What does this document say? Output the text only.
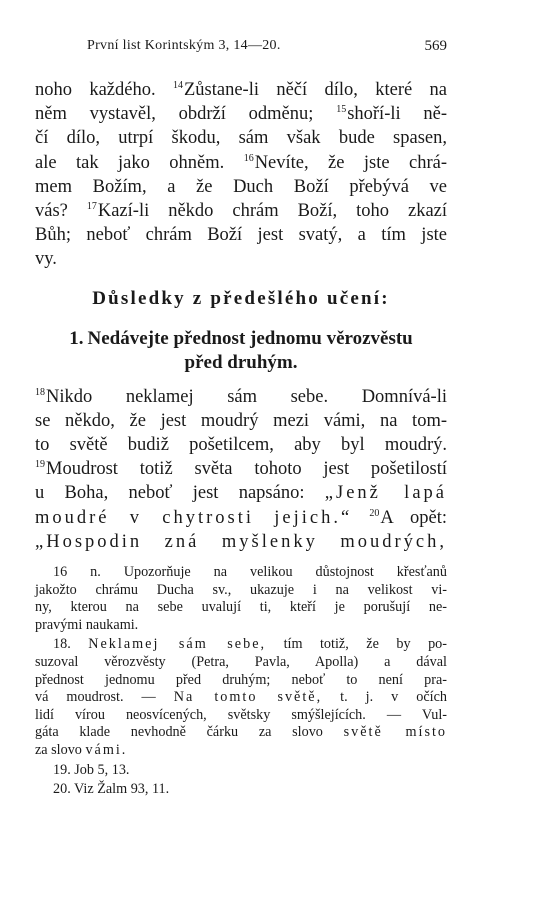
První list Korintským 3, 14—20.	569

noho každého. $^{14}$Zůstane-li něčí dílo, které na
něm vystavěl, obdrží odměnu; $^{15}$shoří-li ně-
čí dílo, utrpí škodu, sám však bude spasen,
ale tak jako ohněm. $^{16}$Nevíte, že jste chrá-
mem Božím, a že Duch Boží přebývá ve
vás? $^{17}$Kazí-li někdo chrám Boží, toho zkazí
Bůh; neboť chrám Boží jest svatý, a tím jste
vy.

Důsledky z předešlého učení:
1. Nedávejte přednost jednomu věrozvěstu
před druhým.

$^{18}$Nikdo neklamej sám sebe. Domnívá-li
se někdo, že jest moudrý mezi vámi, na tom-
to světě budiž pošetilcem, aby byl moudrý.
$^{19}$Moudrost totiž světa tohoto jest pošetilostí
u Boha, neboť jest napsáno: „Jenž lapá
moudré v chytrosti jejich.“ $^{20}$A opět:
„Hospodin zná myšlenky moudrých,

16 n. Upozorňuje na velikou důstojnost křesťanů
jakožto chrámu Ducha sv., ukazuje i na velikost vi-
ny, kterou na sebe uvalují ti, kteří je porušují ne-
pravými naukami.
18. Neklamej sám sebe, tím totiž, že by po-
suzoval věrozvěsty (Petra, Pavla, Apolla) a dával
přednost jednomu před druhým; neboť to není pra-
vá moudrost. — Na tomto světě, t. j. v očích
lidí vírou neosvícených, světsky smýšlejících. — Vul-
gáta klade nevhodně čárku za slovo světě místo
za slovo vámi.
19. Job 5, 13.
20. Viz Žalm 93, 11.
